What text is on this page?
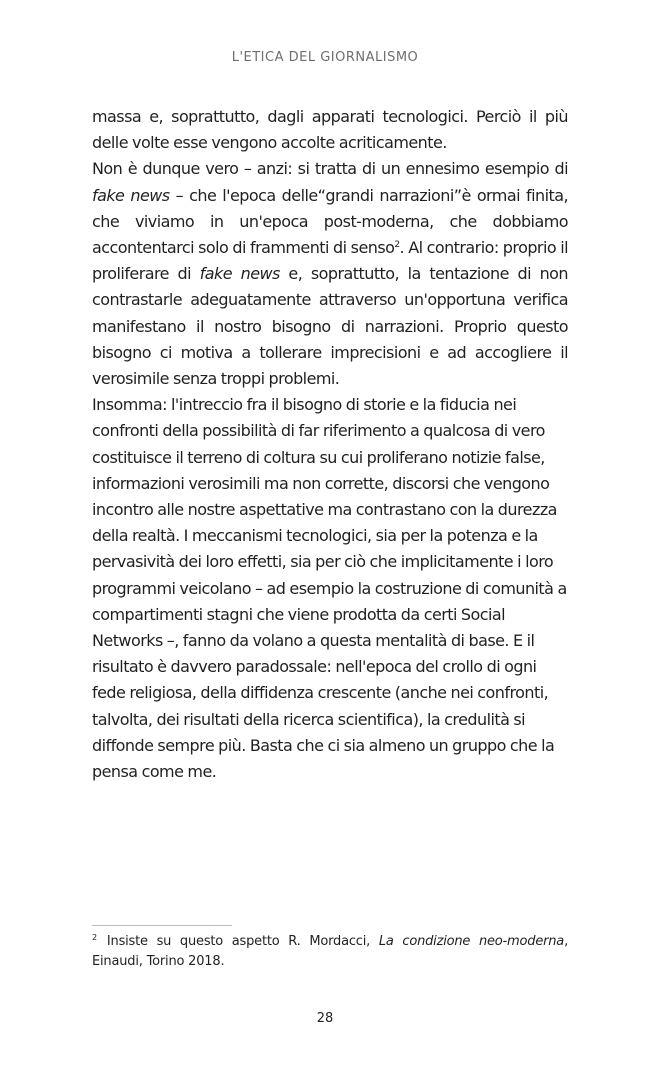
L'ETICA DEL GIORNALISMO

massa e, soprattutto, dagli apparati tecnologici. Perciò il più delle volte esse vengono accolte acriticamente.

Non è dunque vero – anzi: si tratta di un ennesimo esempio di fake news – che l'epoca delle“grandi narrazioni”è ormai finita, che viviamo in un'epoca post-moderna, che dobbiamo accontentarci solo di frammenti di senso$^2$. Al contrario: proprio il proliferare di fake news e, soprattutto, la tentazione di non contrastarle adeguatamente attraverso un'opportuna verifica manifestano il nostro bisogno di narrazioni. Proprio questo bisogno ci motiva a tollerare imprecisioni e ad accogliere il verosimile senza troppi problemi.

Insomma: l'intreccio fra il bisogno di storie e la fiducia nei confronti della possibilità di far riferimento a qualcosa di vero costituisce il terreno di coltura su cui proliferano notizie false, informazioni verosimili ma non corrette, discorsi che vengono incontro alle nostre aspettative ma contrastano con la durezza della realtà. I meccanismi tecnologici, sia per la potenza e la pervasività dei loro effetti, sia per ciò che implicitamente i loro programmi veicolano – ad esempio la costruzione di comunità a compartimenti stagni che viene prodotta da certi Social Networks –, fanno da volano a questa mentalità di base. E il risultato è davvero paradossale: nell'epoca del crollo di ogni fede religiosa, della diffidenza crescente (anche nei confronti, talvolta, dei risultati della ricerca scientifica), la credulità si diffonde sempre più. Basta che ci sia almeno un gruppo che la pensa come me.

$^2$ Insiste su questo aspetto R. Mordacci, La condizione neo-moderna, Einaudi, Torino 2018.
28
